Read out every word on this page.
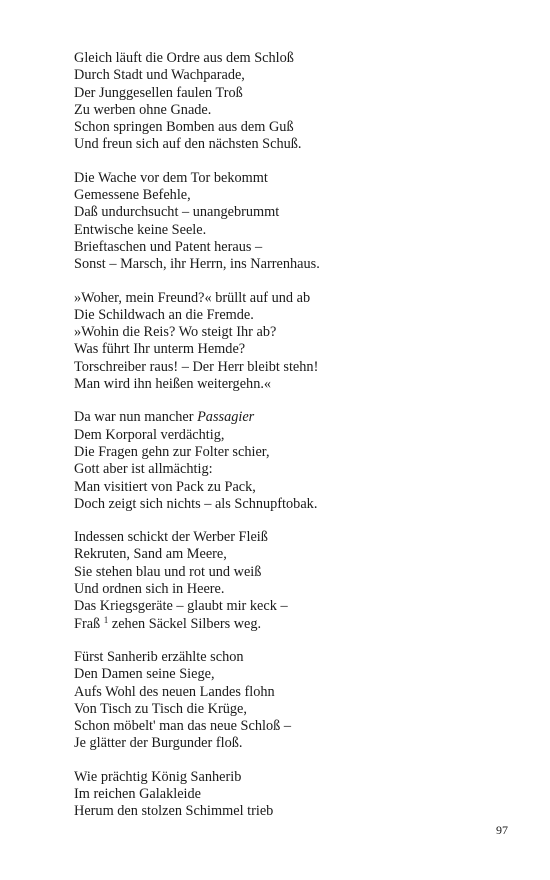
Gleich läuft die Ordre aus dem Schloß
Durch Stadt und Wachparade,
Der Junggesellen faulen Troß
Zu werben ohne Gnade.
Schon springen Bomben aus dem Guß
Und freun sich auf den nächsten Schuß.
Die Wache vor dem Tor bekommt
Gemessene Befehle,
Daß undurchsucht – unangebrummt
Entwische keine Seele.
Brieftaschen und Patent heraus –
Sonst – Marsch, ihr Herrn, ins Narrenhaus.
»Woher, mein Freund?« brüllt auf und ab
Die Schildwach an die Fremde.
»Wohin die Reis? Wo steigt Ihr ab?
Was führt Ihr unterm Hemde?
Torschreiber raus! – Der Herr bleibt stehn!
Man wird ihn heißen weitergehn.«
Da war nun mancher Passagier
Dem Korporal verdächtig,
Die Fragen gehn zur Folter schier,
Gott aber ist allmächtig:
Man visitiert von Pack zu Pack,
Doch zeigt sich nichts – als Schnupftobak.
Indessen schickt der Werber Fleiß
Rekruten, Sand am Meere,
Sie stehen blau und rot und weiß
Und ordnen sich in Heere.
Das Kriegsgeräte – glaubt mir keck –
Fraß $^1$ zehen Säckel Silbers weg.
Fürst Sanherib erzählte schon
Den Damen seine Siege,
Aufs Wohl des neuen Landes flohn
Von Tisch zu Tisch die Krüge,
Schon möbelt' man das neue Schloß –
Je glätter der Burgunder floß.
Wie prächtig König Sanherib
Im reichen Galakleide
Herum den stolzen Schimmel trieb
97
